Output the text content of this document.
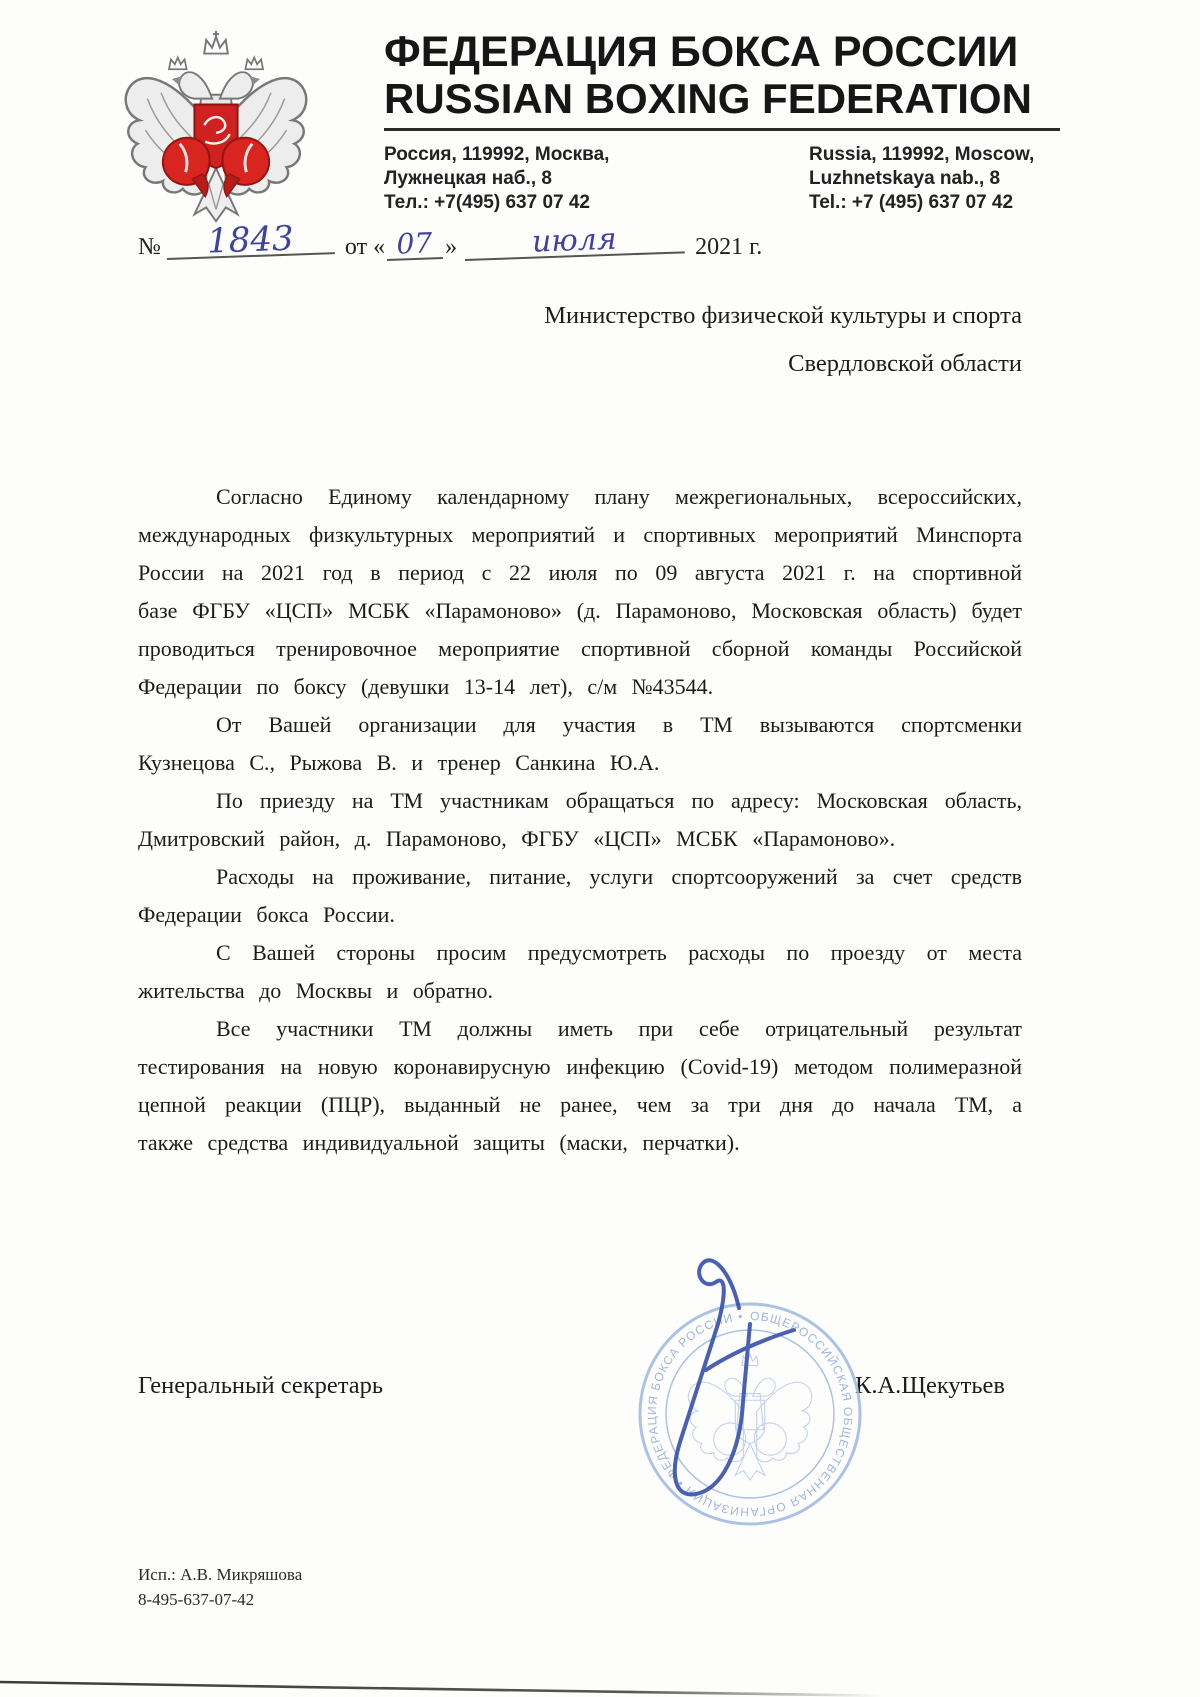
ФЕДЕРАЦИЯ БОКСА РОССИИ
RUSSIAN BOXING FEDERATION
Россия, 119992, Москва,
Лужнецкая наб., 8
Тел.: +7(495) 637 07 42
Russia, 119992, Moscow,
Luzhnetskaya nab., 8
Tel.: +7 (495) 637 07 42
№	1843	от « 07 »	июля	2021 г.
Министерство физической культуры и спорта
Свердловской области

Согласно Единому календарному плану межрегиональных, всероссийских, международных физкультурных мероприятий и спортивных мероприятий Минспорта России на 2021 год в период с 22 июля по 09 августа 2021 г. на спортивной базе ФГБУ «ЦСП» МСБК «Парамоново» (д. Парамоново, Московская область) будет проводиться тренировочное мероприятие спортивной сборной команды Российской Федерации по боксу (девушки 13-14 лет), с/м №43544.

От Вашей организации для участия в ТМ вызываются спортсменки Кузнецова С., Рыжова В. и тренер Санкина Ю.А.

По приезду на ТМ участникам обращаться по адресу: Московская область, Дмитровский район, д. Парамоново, ФГБУ «ЦСП» МСБК «Парамоново».

Расходы на проживание, питание, услуги спортсооружений за счет средств Федерации бокса России.

С Вашей стороны просим предусмотреть расходы по проезду от места жительства до Москвы и обратно.

Все участники ТМ должны иметь при себе отрицательный результат тестирования на новую коронавирусную инфекцию (Covid-19) методом полимеразной цепной реакции (ПЦР), выданный не ранее, чем за три дня до начала ТМ, а также средства индивидуальной защиты (маски, перчатки).

Генеральный секретарь	К.А.Щекутьев
ОБЩЕРОССИЙСКАЯ ОБЩЕСТВЕННАЯ ОРГАНИЗАЦИЯ • ФЕДЕРАЦИЯ БОКСА РОССИИ •
Исп.: А.В. Микряшова
8-495-637-07-42
